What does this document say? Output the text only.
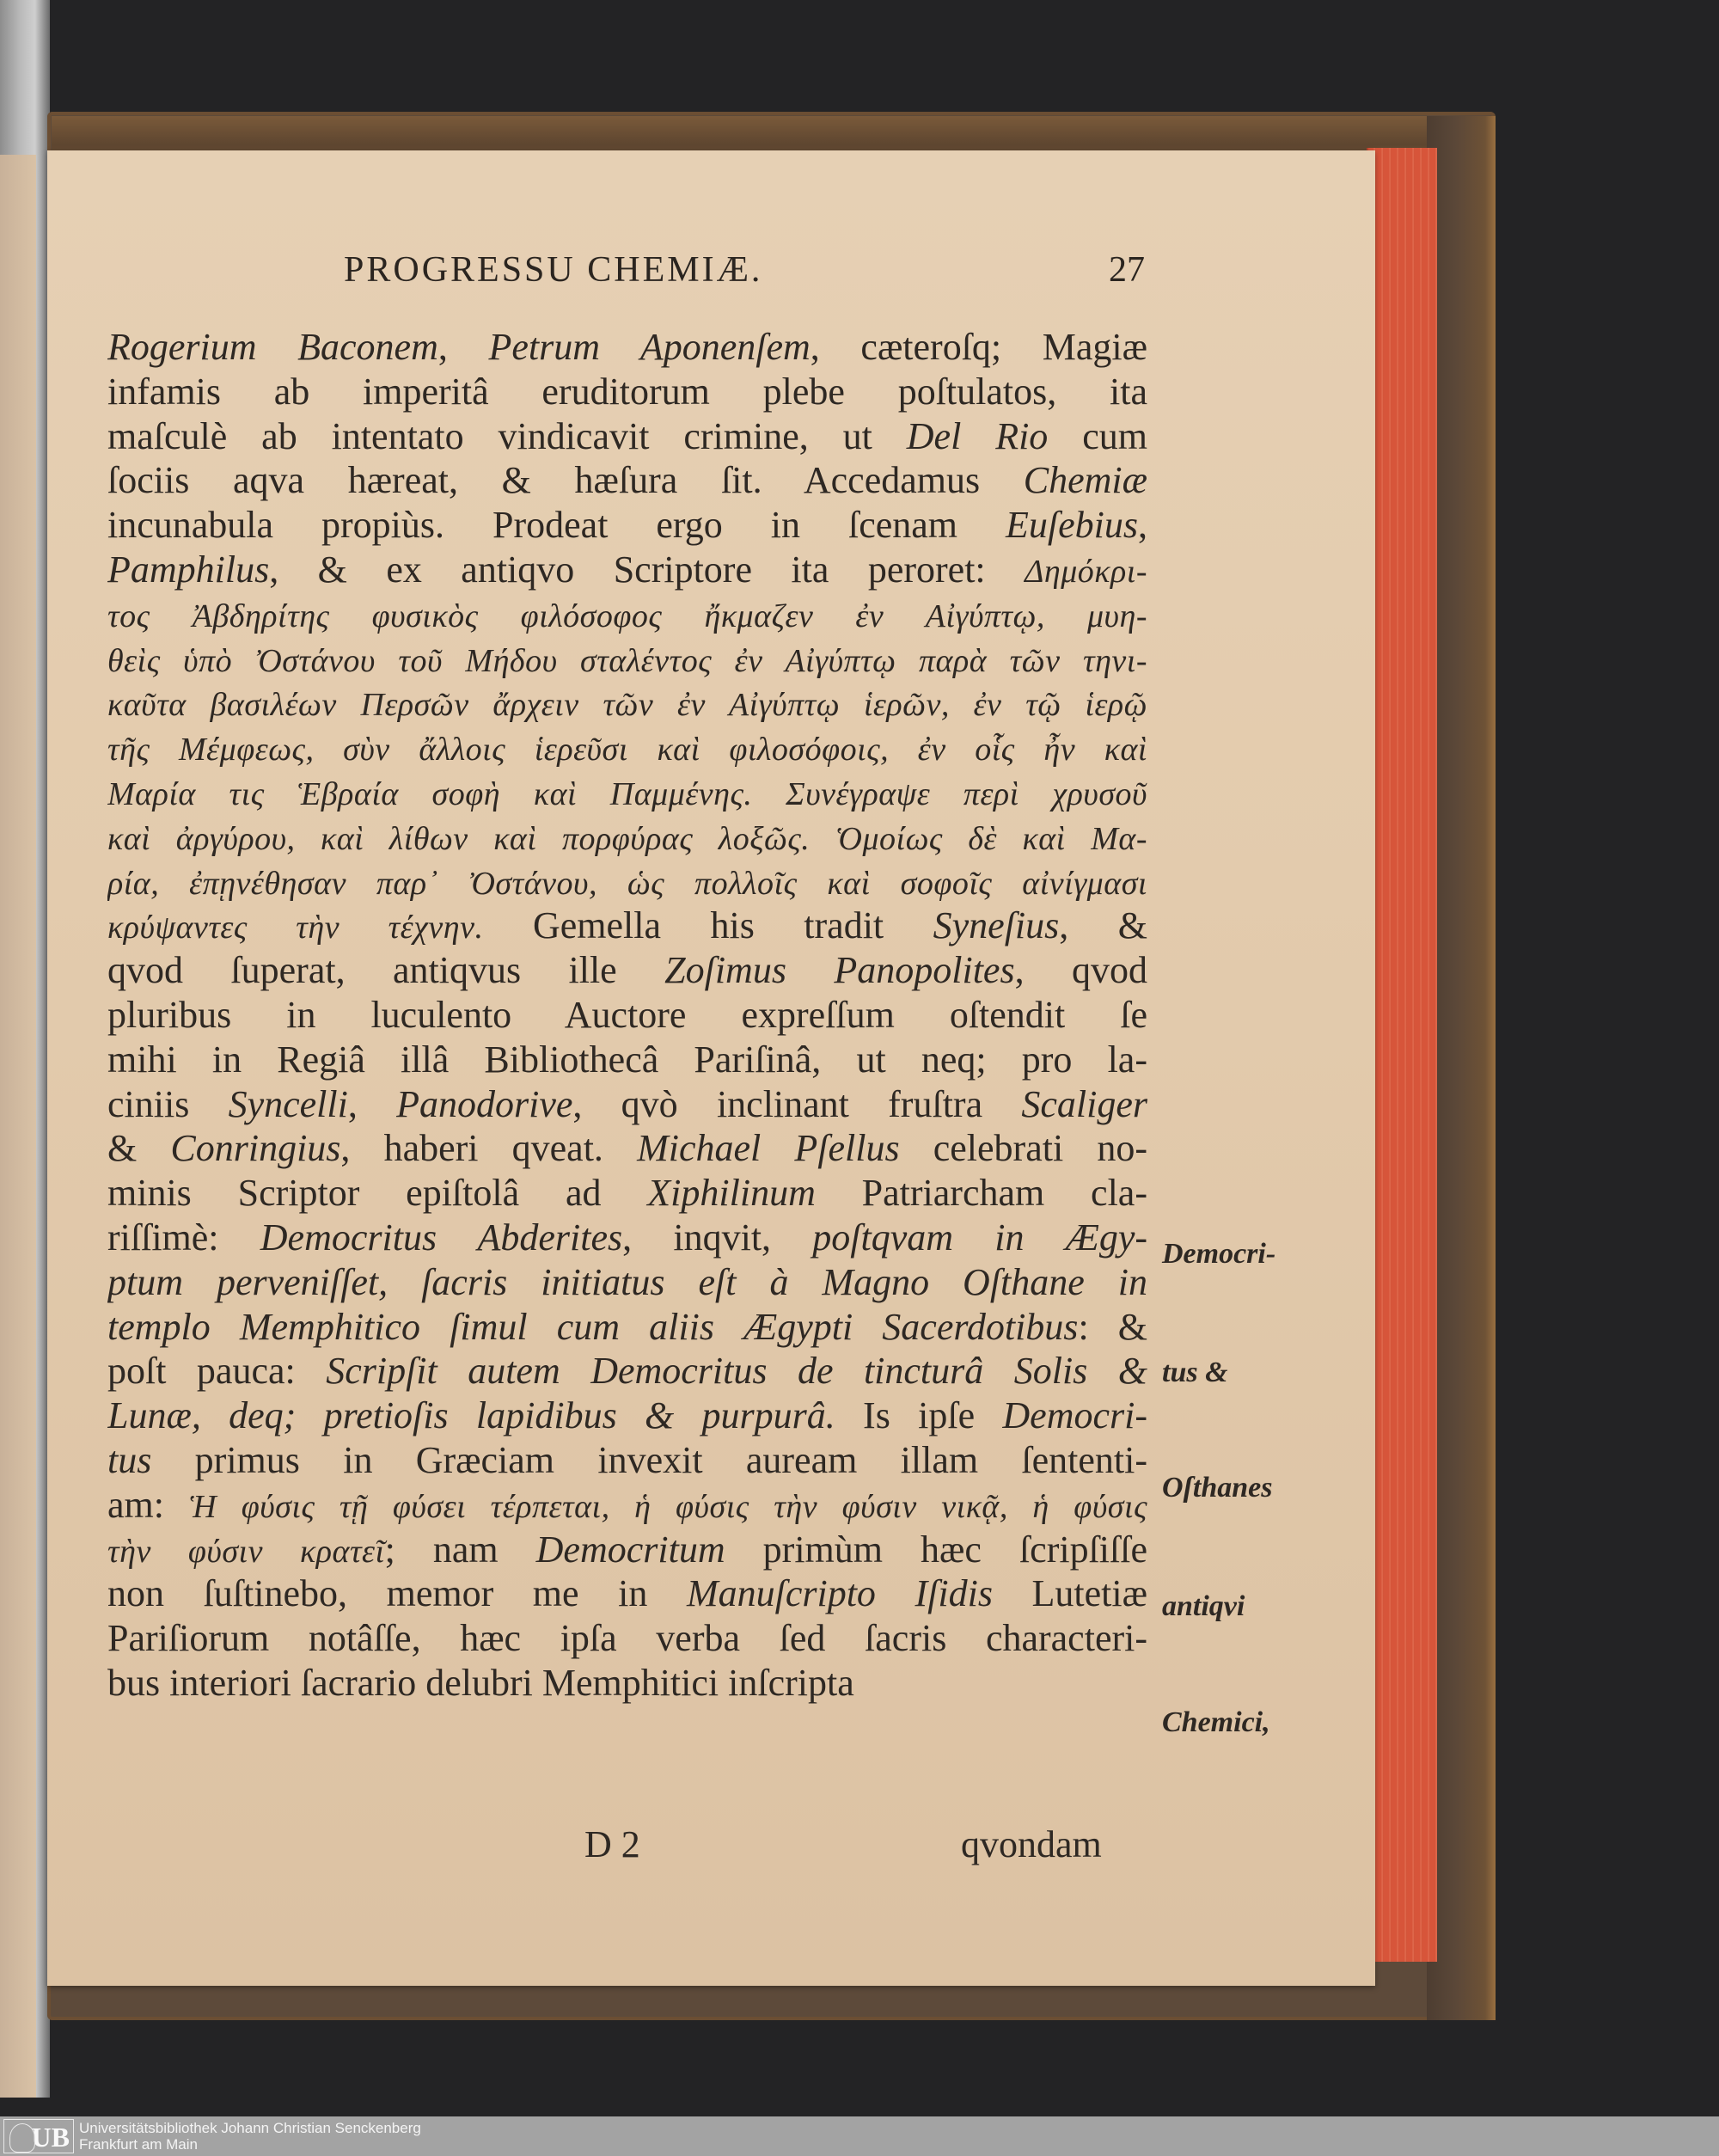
PROGRESSU CHEMIÆ.	27
Rogerium Baconem, Petrum Aponenſem, cæteroſq; Magiæ
infamis ab imperitâ eruditorum plebe poſtulatos, ita
maſculè ab intentato vindicavit crimine, ut Del Rio cum
ſociis aqva hæreat, & hæſura ſit. Accedamus Chemiæ
incunabula propiùs. Prodeat ergo in ſcenam Euſebius,
Pamphilus, & ex antiqvo Scriptore ita peroret: Δημόκρι-
τος Ἀβδηρίτης φυσικὸς φιλόσοφος ἤκμαζεν ἐν Αἰγύπτῳ, μυη-
θεὶς ὑπὸ Ὀστάνου τοῦ Μήδου σταλέντος ἐν Αἰγύπτῳ παρὰ τῶν τηνι-
καῦτα βασιλέων Περσῶν ἄρχειν τῶν ἐν Αἰγύπτῳ ἱερῶν, ἐν τῷ ἱερῷ
τῆς Μέμφεως, σὺν ἄλλοις ἱερεῦσι καὶ φιλοσόφοις, ἐν οἷς ἦν καὶ
Μαρία τις Ἑβραία σοφὴ καὶ Παμμένης. Συνέγραψε περὶ χρυσοῦ
καὶ ἀργύρου, καὶ λίθων καὶ πορφύρας λοξῶς. Ὁμοίως δὲ καὶ Μα-
ρία, ἐπῃνέθησαν παρ᾽ Ὀστάνου, ὡς πολλοῖς καὶ σοφοῖς αἰνίγμασι
κρύψαντες τὴν τέχνην. Gemella his tradit Syneſius, &
qvod ſuperat, antiqvus ille Zoſimus Panopolites, qvod
pluribus in luculento Auctore expreſſum oſtendit ſe
mihi in Regiâ illâ Bibliothecâ Pariſinâ, ut neq; pro la-
ciniis Syncelli, Panodorive, qvò inclinant fruſtra Scaliger
& Conringius, haberi qveat. Michael Pſellus celebrati no-
minis Scriptor epiſtolâ ad Xiphilinum Patriarcham cla-
riſſimè: Democritus Abderites, inqvit, poſtqvam in Ægy-
ptum perveniſſet, ſacris initiatus eſt à Magno Oſthane in
templo Memphitico ſimul cum aliis Ægypti Sacerdotibus: &
poſt pauca: Scripſit autem Democritus de tincturâ Solis &
Lunæ, deq; pretioſis lapidibus & purpurâ. Is ipſe Democri-
tus primus in Græciam invexit auream illam ſententi-
am: Ἡ φύσις τῇ φύσει τέρπεται, ἡ φύσις τὴν φύσιν νικᾷ, ἡ φύσις
τὴν φύσιν κρατεῖ; nam Democritum primùm hæc ſcripſiſſe
non ſuſtinebo, memor me in Manuſcripto Iſidis Lutetiæ
Pariſiorum notâſſe, hæc ipſa verba ſed ſacris characteri-
bus interiori ſacrario delubri Memphitici inſcripta
Democri-
tus &
Oſthanes
antiqvi
Chemici,
D 2	qvondam
UB Universitätsbibliothek Johann Christian Senckenberg
Frankfurt am Main
